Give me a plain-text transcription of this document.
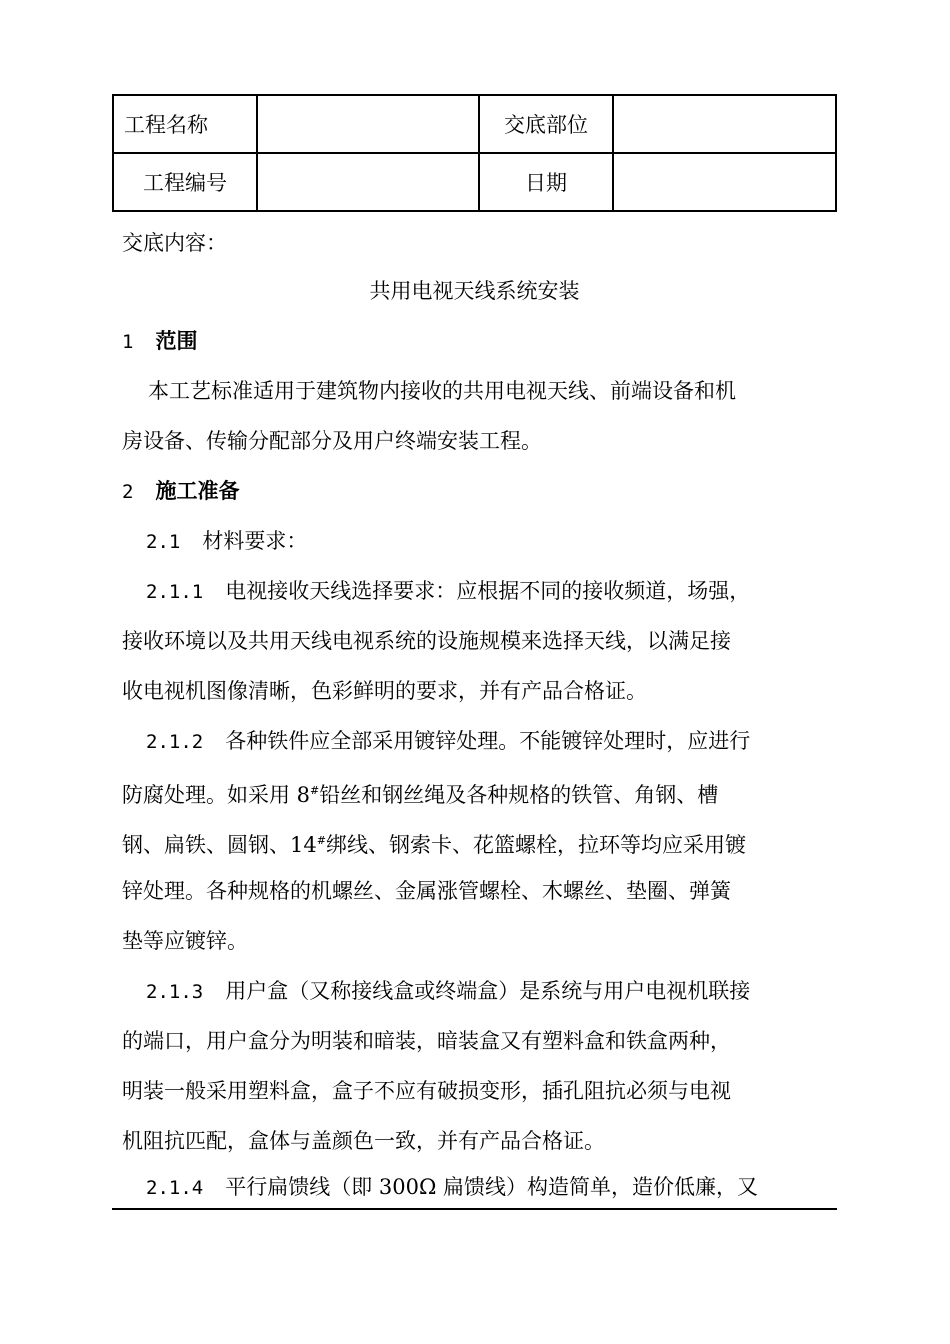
工程名称		交底部位	
工程编号		日期	
交底内容：
共用电视天线系统安装
1 范围
本工艺标准适用于建筑物内接收的共用电视天线、前端设备和机
房设备、传输分配部分及用户终端安装工程。
2 施工准备
2.1 材料要求：
2.1.1 电视接收天线选择要求：应根据不同的接收频道，场强，
接收环境以及共用天线电视系统的设施规模来选择天线，以满足接
收电视机图像清晰，色彩鲜明的要求，并有产品合格证。
2.1.2 各种铁件应全部采用镀锌处理。不能镀锌处理时，应进行
防腐处理。如采用 8#铅丝和钢丝绳及各种规格的铁管、角钢、槽
钢、扁铁、圆钢、14#绑线、钢索卡、花篮螺栓，拉环等均应采用镀
锌处理。各种规格的机螺丝、金属涨管螺栓、木螺丝、垫圈、弹簧
垫等应镀锌。
2.1.3 用户盒（又称接线盒或终端盒）是系统与用户电视机联接
的端口，用户盒分为明装和暗装，暗装盒又有塑料盒和铁盒两种，
明装一般采用塑料盒，盒子不应有破损变形，插孔阻抗必须与电视
机阻抗匹配，盒体与盖颜色一致，并有产品合格证。
2.1.4 平行扁馈线（即 300Ω 扁馈线）构造简单，造价低廉，又
